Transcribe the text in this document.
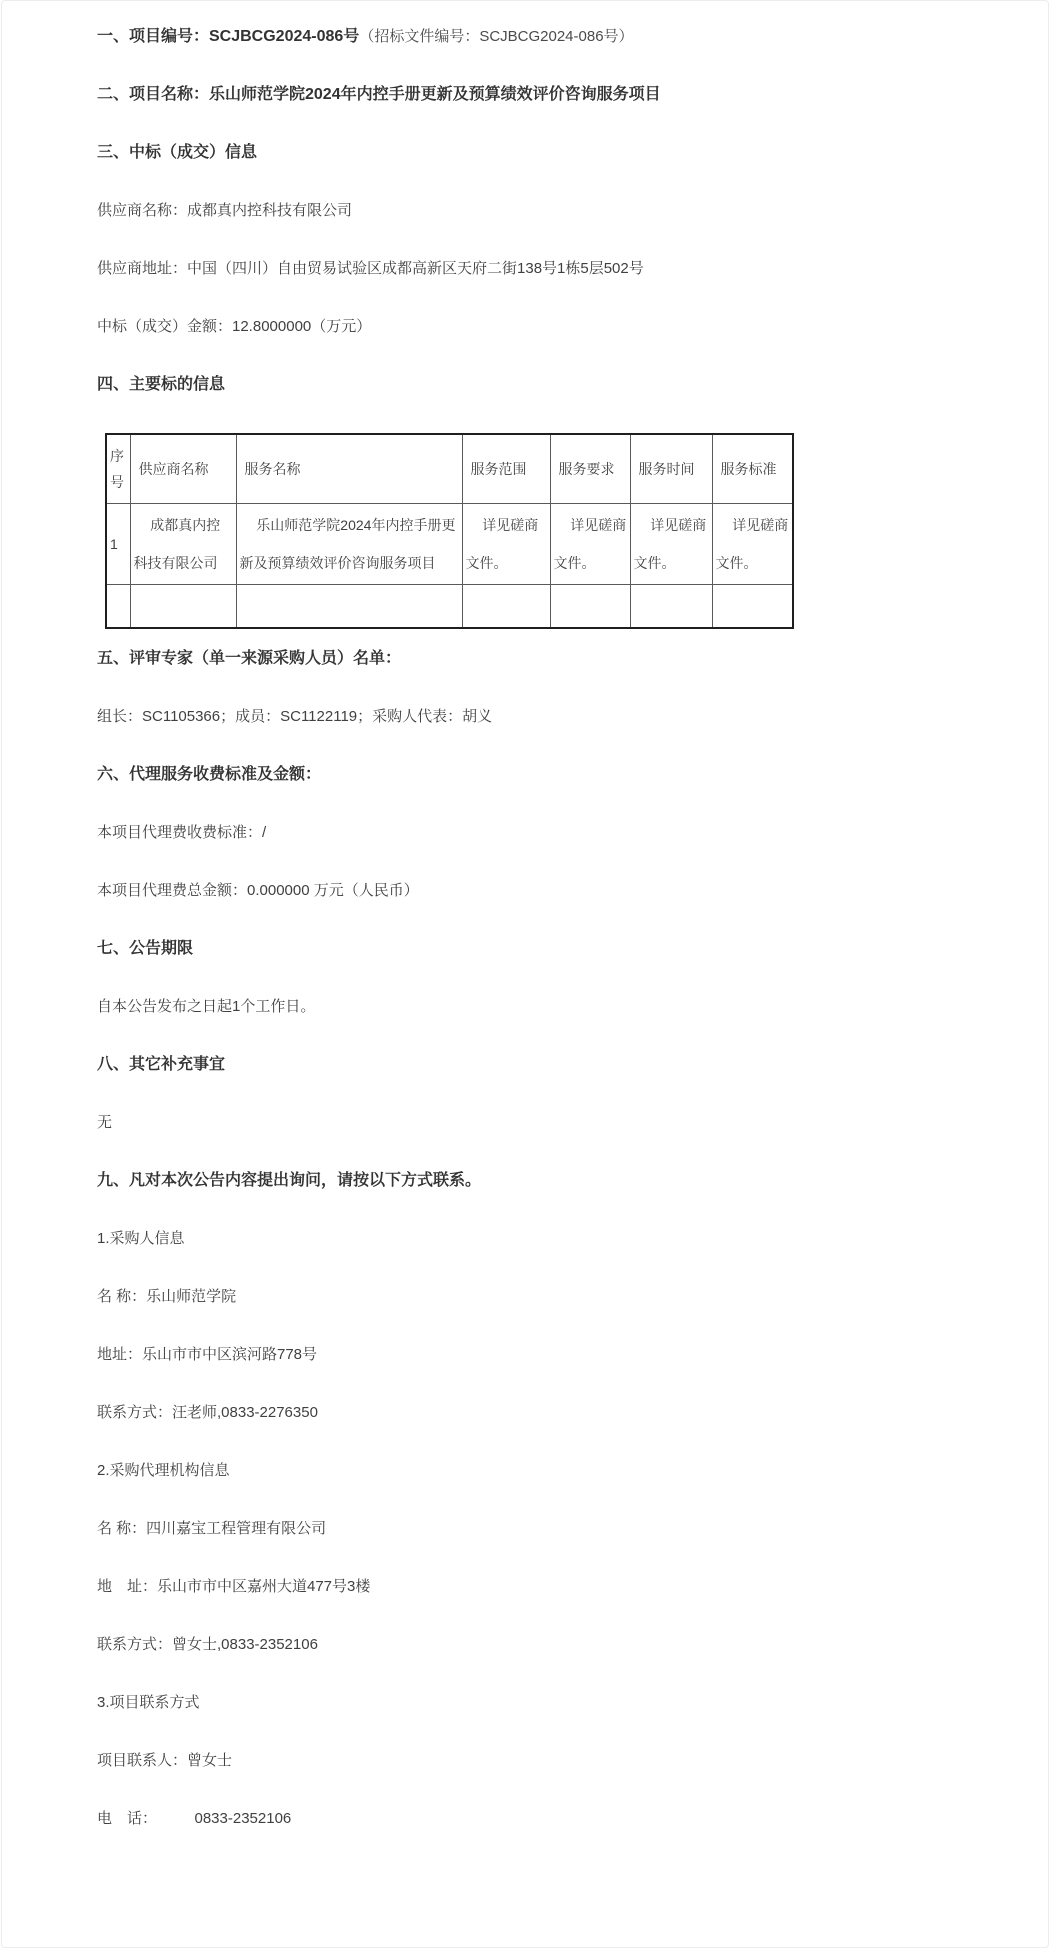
一、项目编号：SCJBCG2024-086号（招标文件编号：SCJBCG2024-086号）

二、项目名称：乐山师范学院2024年内控手册更新及预算绩效评价咨询服务项目

三、中标（成交）信息

供应商名称：成都真内控科技有限公司

供应商地址：中国（四川）自由贸易试验区成都高新区天府二街138号1栋5层502号

中标（成交）金额：12.8000000（万元）

四、主要标的信息

序号	供应商名称	服务名称	服务范围	服务要求	服务时间	服务标准
1	成都真内控科技有限公司	乐山师范学院2024年内控手册更新及预算绩效评价咨询服务项目	详见磋商文件。	详见磋商文件。	详见磋商文件。	详见磋商文件。

五、评审专家（单一来源采购人员）名单：

组长：SC1105366；成员：SC1122119；采购人代表：胡义

六、代理服务收费标准及金额：

本项目代理费收费标准：/

本项目代理费总金额：0.000000 万元（人民币）

七、公告期限

自本公告发布之日起1个工作日。

八、其它补充事宜

无

九、凡对本次公告内容提出询问，请按以下方式联系。

1.采购人信息

名 称：乐山师范学院

地址：乐山市市中区滨河路778号

联系方式：汪老师,0833-2276350

2.采购代理机构信息

名 称：四川嘉宝工程管理有限公司

地　址：乐山市市中区嘉州大道477号3楼

联系方式：曾女士,0833-2352106

3.项目联系方式

项目联系人：曾女士

电　话：　　　0833-2352106
